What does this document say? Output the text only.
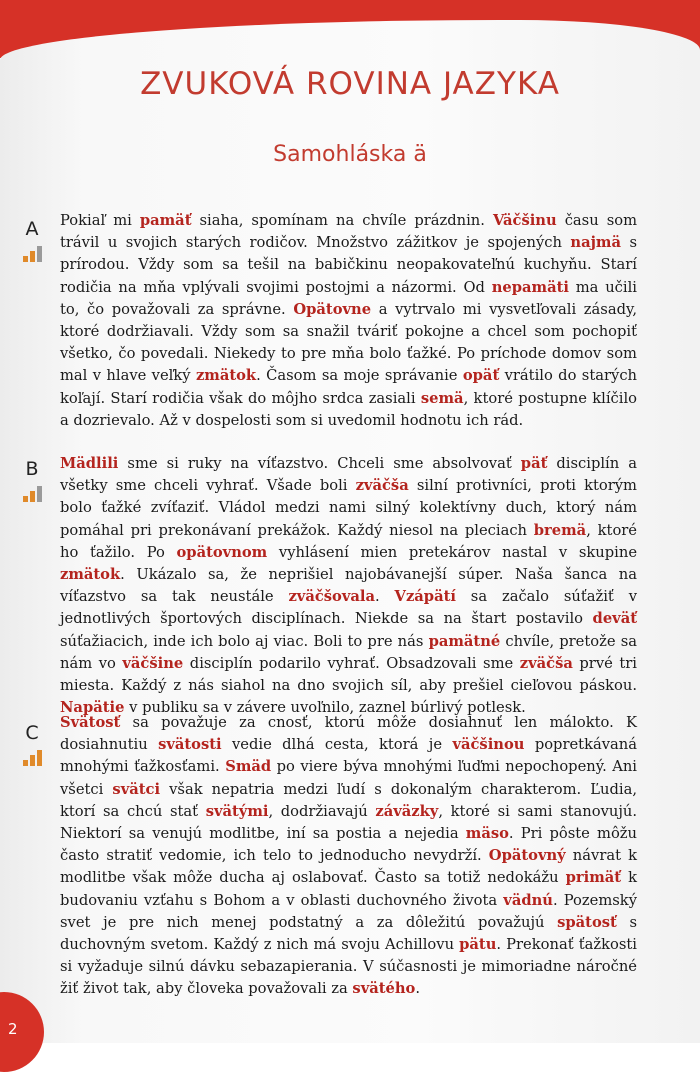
ZVUKOVÁ ROVINA JAZYKA
Samohláska ä
A	Pokiaľ mi pamäť siaha, spomínam na chvíle prázdnin. Väčšinu času som trávil u svojich starých rodičov. Množstvo zážitkov je spojených najmä s prírodou. Vždy som sa tešil na babičkinu neopakovateľnú kuchyňu. Starí rodičia na mňa vplývali svojimi postojmi a názormi. Od nepamäti ma učili to, čo považovali za správne. Opätovne a vytrvalo mi vysvetľovali zásady, ktoré dodržiavali. Vždy som sa snažil tváriť pokojne a chcel som pochopiť všetko, čo povedali. Niekedy to pre mňa bolo ťažké. Po príchode domov som mal v hlave veľký zmätok. Časom sa moje správanie opäť vrátilo do starých koľají. Starí rodičia však do môjho srdca zasiali semä, ktoré postupne klíčilo a dozrievalo. Až v dospelosti som si uvedomil hodnotu ich rád.

B	Mädlili sme si ruky na víťazstvo. Chceli sme absolvovať päť disciplín a všetky sme chceli vyhrať. Všade boli zväčša silní protivníci, proti ktorým bolo ťažké zvíťaziť. Vládol medzi nami silný kolektívny duch, ktorý nám pomáhal pri prekonávaní prekážok. Každý niesol na pleciach bremä, ktoré ho ťažilo. Po opätovnom vyhlásení mien pretekárov nastal v skupine zmätok. Ukázalo sa, že neprišiel najobávanejší súper. Naša šanca na víťazstvo sa tak neustále zväčšovala. Vzápätí sa začalo súťažiť v jednotlivých športových disciplínach. Niekde sa na štart postavilo deväť súťažiacich, inde ich bolo aj viac. Boli to pre nás pamätné chvíle, pretože sa nám vo väčšine disciplín podarilo vyhrať. Obsadzovali sme zväčša prvé tri miesta. Každý z nás siahol na dno svojich síl, aby prešiel cieľovou páskou. Napätie v publiku sa v závere uvoľnilo, zaznel búrlivý potlesk.

C	Svätosť sa považuje za cnosť, ktorú môže dosiahnuť len málokto. K dosiahnutiu svätosti vedie dlhá cesta, ktorá je väčšinou popretkávaná mnohými ťažkosťami. Smäd po viere býva mnohými ľuďmi nepochopený. Ani všetci svätci však nepatria medzi ľudí s dokonalým charakterom. Ľudia, ktorí sa chcú stať svätými, dodržiavajú záväzky, ktoré si sami stanovujú. Niektorí sa venujú modlitbe, iní sa postia a nejedia mäso. Pri pôste môžu často stratiť vedomie, ich telo to jednoducho nevydrží. Opätovný návrat k modlitbe však môže ducha aj oslabovať. Často sa totiž nedokážu primäť k budovaniu vzťahu s Bohom a v oblasti duchovného života vädnú. Pozemský svet je pre nich menej podstatný a za dôležitú považujú spätosť s duchovným svetom. Každý z nich má svoju Achillovu pätu. Prekonať ťažkosti si vyžaduje silnú dávku sebazapierania. V súčasnosti je mimoriadne náročné žiť život tak, aby človeka považovali za svätého.

2
